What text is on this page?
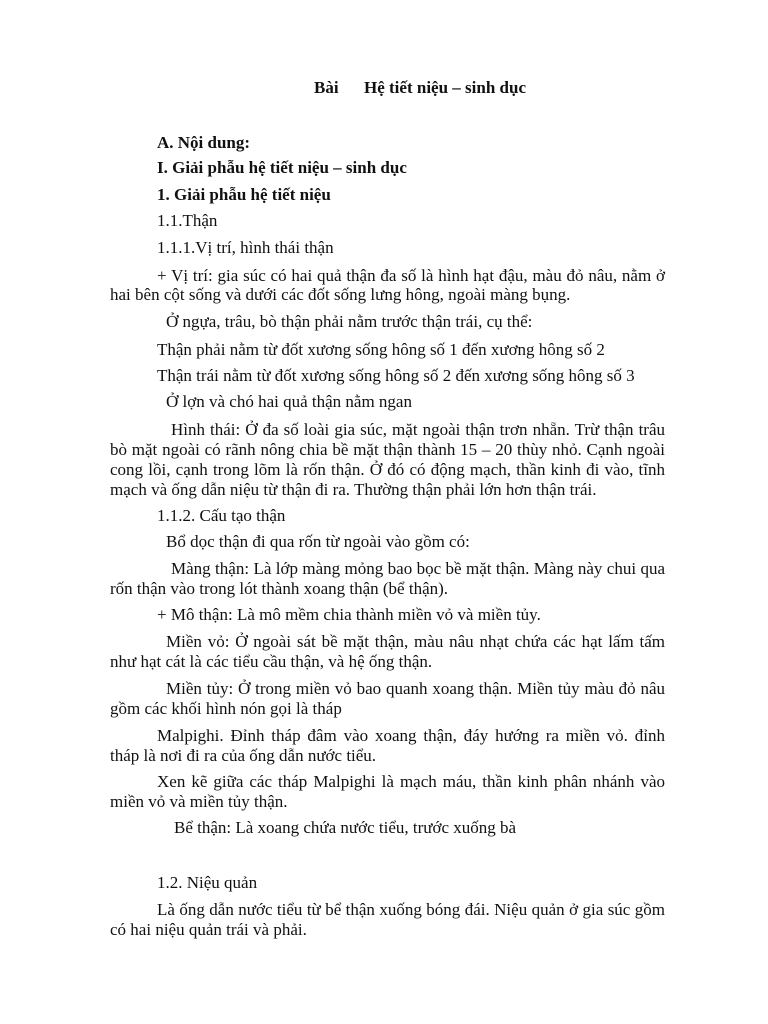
Bài Hệ tiết niệu – sinh dục
A. Nội dung:
I. Giải phẫu hệ tiết niệu – sinh dục
1. Giải phẫu hệ tiết niệu
1.1.Thận
1.1.1.Vị trí, hình thái thận
+ Vị trí: gia súc có hai quả thận đa số là hình hạt đậu, màu đỏ nâu, nằm ở
hai bên cột sống và dưới các đốt sống lưng hông, ngoài màng bụng.
Ở ngựa, trâu, bò thận phải nằm trước thận trái, cụ thể:
Thận phải nằm từ đốt xương sống hông số 1 đến xương hông số 2
Thận trái nằm từ đốt xương sống hông số 2 đến xương sống hông số 3
Ở lợn và chó hai quả thận nằm ngan
Hình thái: Ở đa số loài gia súc, mặt ngoài thận trơn nhẵn. Trừ thận trâu
bò mặt ngoài có rãnh nông chia bề mặt thận thành 15 – 20 thùy nhỏ. Cạnh ngoài
cong lồi, cạnh trong lõm là rốn thận. Ở đó có động mạch, thần kinh đi vào, tĩnh
mạch và ống dẫn niệu từ thận đi ra. Thường thận phải lớn hơn thận trái.
1.1.2. Cấu tạo thận
Bổ dọc thận đi qua rốn từ ngoài vào gồm có:
Màng thận: Là lớp màng mỏng bao bọc bề mặt thận. Màng này chui qua
rốn thận vào trong lót thành xoang thận (bể thận).
+ Mô thận: Là mô mềm chia thành miền vỏ và miền tủy.
Miền vỏ: Ở ngoài sát bề mặt thận, màu nâu nhạt chứa các hạt lấm tấm
như hạt cát là các tiểu cầu thận, và hệ ống thận.
Miền tủy: Ở trong miền vỏ bao quanh xoang thận. Miền tủy màu đỏ nâu
gồm các khối hình nón gọi là tháp
Malpighi. Đỉnh tháp đâm vào xoang thận, đáy hướng ra miền vỏ. đỉnh
tháp là nơi đi ra của ống dẫn nước tiểu.
Xen kẽ giữa các tháp Malpighi là mạch máu, thần kinh phân nhánh vào
miền vỏ và miền tủy thận.
Bể thận: Là xoang chứa nước tiểu, trước xuống bà
1.2. Niệu quản
Là ống dẫn nước tiểu từ bể thận xuống bóng đái. Niệu quản ở gia súc gồm
có hai niệu quản trái và phải.
